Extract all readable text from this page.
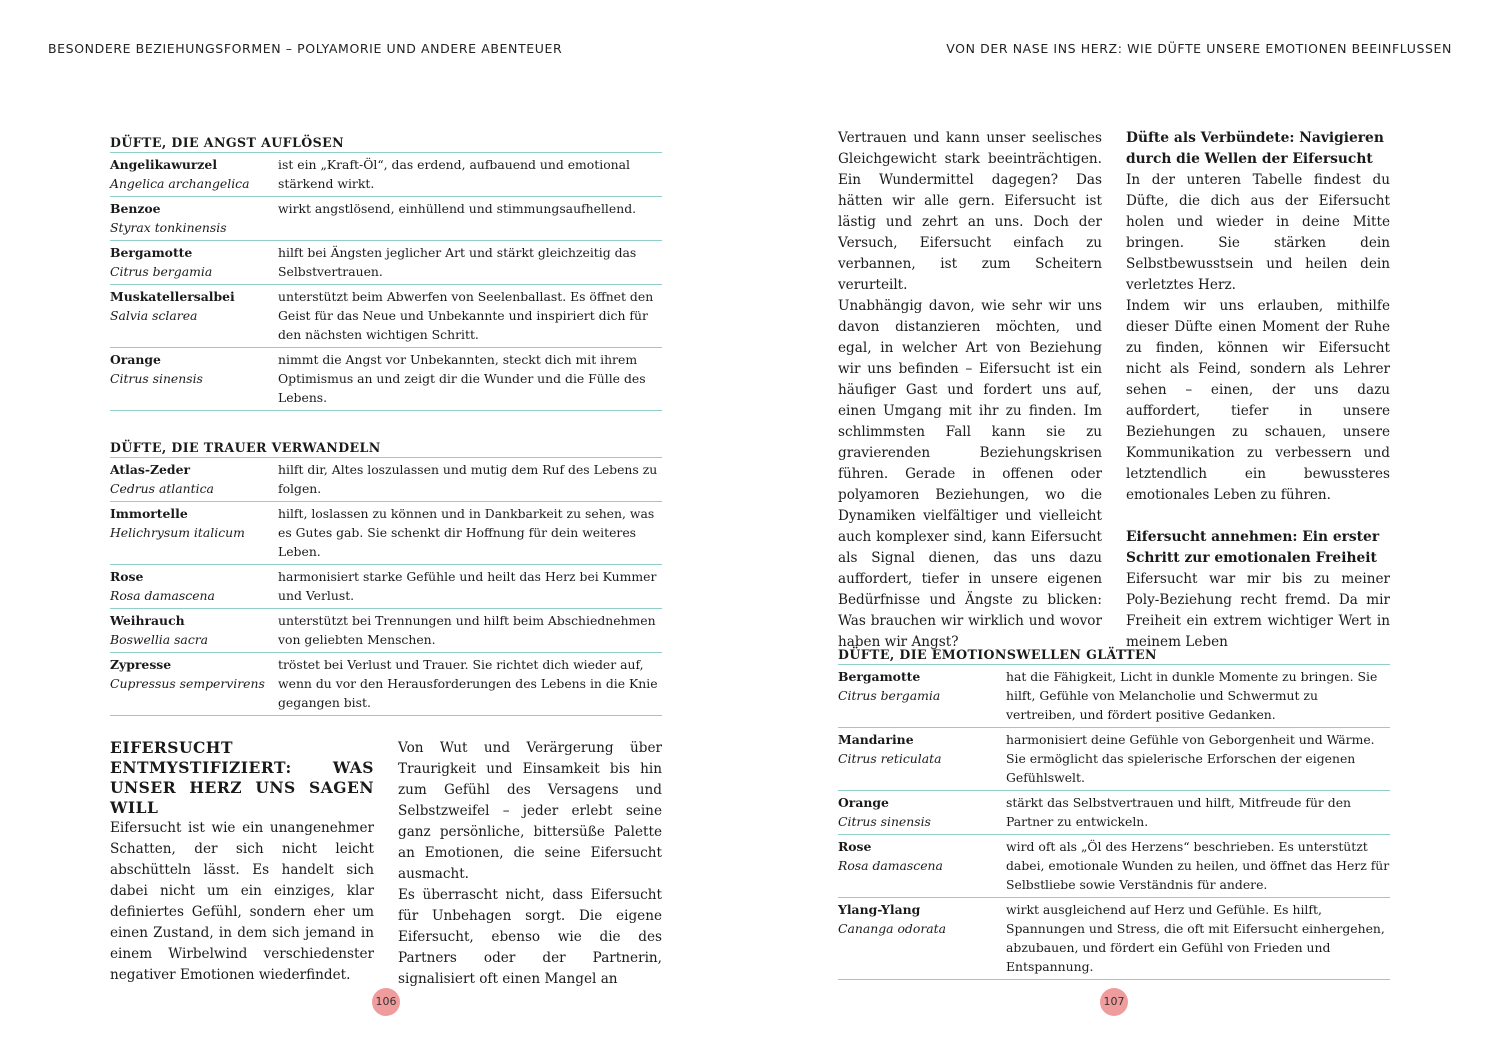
BESONDERE BEZIEHUNGSFORMEN – POLYAMORIE UND ANDERE ABENTEUER	VON DER NASE INS HERZ: WIE DÜFTE UNSERE EMOTIONEN BEEINFLUSSEN
DÜFTE, DIE ANGST AUFLÖSEN
Angelikawurzel
Angelica archangelica
ist ein „Kraft-Öl“, das erdend, aufbauend und emotional stärkend wirkt.
Benzoe
Styrax tonkinensis
wirkt angstlösend, einhüllend und stimmungsaufhellend.
Bergamotte
Citrus bergamia
hilft bei Ängsten jeglicher Art und stärkt gleichzeitig das Selbstvertrauen.
Muskatellersalbei
Salvia sclarea
unterstützt beim Abwerfen von Seelenballast. Es öffnet den Geist für das Neue und Unbekannte und inspiriert dich für den nächsten wichtigen Schritt.
Orange
Citrus sinensis
nimmt die Angst vor Unbekannten, steckt dich mit ihrem Optimismus an und zeigt dir die Wunder und die Fülle des Lebens.
DÜFTE, DIE TRAUER VERWANDELN
Atlas-Zeder
Cedrus atlantica
hilft dir, Altes loszulassen und mutig dem Ruf des Lebens zu folgen.
Immortelle
Helichrysum italicum
hilft, loslassen zu können und in Dankbarkeit zu sehen, was es Gutes gab. Sie schenkt dir Hoffnung für dein weiteres Leben.
Rose
Rosa damascena
harmonisiert starke Gefühle und heilt das Herz bei Kummer und Verlust.
Weihrauch
Boswellia sacra
unterstützt bei Trennungen und hilft beim Abschiednehmen von geliebten Menschen.
Zypresse
Cupressus sempervirens
tröstet bei Verlust und Trauer. Sie richtet dich wieder auf, wenn du vor den Herausforderungen des Lebens in die Knie gegangen bist.
EIFERSUCHT ENTMYSTIFIZIERT: WAS UNSER HERZ UNS SAGEN WILL

Eifersucht ist wie ein unangenehmer Schatten, der sich nicht leicht abschütteln lässt. Es handelt sich dabei nicht um ein einziges, klar definiertes Gefühl, sondern eher um einen Zustand, in dem sich jemand in einem Wirbelwind verschiedenster negativer Emotionen wiederfindet.

Von Wut und Verärgerung über Traurigkeit und Einsamkeit bis hin zum Gefühl des Versagens und Selbstzweifel – jeder erlebt seine ganz persönliche, bittersüße Palette an Emotionen, die seine Eifersucht ausmacht.

Es überrascht nicht, dass Eifersucht für Unbehagen sorgt. Die eigene Eifersucht, ebenso wie die des Partners oder der Partnerin, signalisiert oft einen Mangel an

Vertrauen und kann unser seelisches Gleichgewicht stark beeinträchtigen. Ein Wundermittel dagegen? Das hätten wir alle gern. Eifersucht ist lästig und zehrt an uns. Doch der Versuch, Eifersucht einfach zu verbannen, ist zum Scheitern verurteilt.

Unabhängig davon, wie sehr wir uns davon distanzieren möchten, und egal, in welcher Art von Beziehung wir uns befinden – Eifersucht ist ein häufiger Gast und fordert uns auf, einen Umgang mit ihr zu finden. Im schlimmsten Fall kann sie zu gravierenden Beziehungskrisen führen. Gerade in offenen oder polyamoren Beziehungen, wo die Dynamiken vielfältiger und vielleicht auch komplexer sind, kann Eifersucht als Signal dienen, das uns dazu auffordert, tiefer in unsere eigenen Bedürfnisse und Ängste zu blicken: Was brauchen wir wirklich und wovor haben wir Angst?

Düfte als Verbündete: Navigieren durch die Wellen der Eifersucht

In der unteren Tabelle findest du Düfte, die dich aus der Eifersucht holen und wieder in deine Mitte bringen. Sie stärken dein Selbstbewusstsein und heilen dein verletztes Herz.

Indem wir uns erlauben, mithilfe dieser Düfte einen Moment der Ruhe zu finden, können wir Eifersucht nicht als Feind, sondern als Lehrer sehen – einen, der uns dazu auffordert, tiefer in unsere Beziehungen zu schauen, unsere Kommunikation zu verbessern und letztendlich ein bewussteres emotionales Leben zu führen.

Eifersucht annehmen: Ein erster Schritt zur emotionalen Freiheit

Eifersucht war mir bis zu meiner Poly-Beziehung recht fremd. Da mir Freiheit ein extrem wichtiger Wert in meinem Leben

DÜFTE, DIE EMOTIONSWELLEN GLÄTTEN
Bergamotte
Citrus bergamia
hat die Fähigkeit, Licht in dunkle Momente zu bringen. Sie hilft, Gefühle von Melancholie und Schwermut zu vertreiben, und fördert positive Gedanken.
Mandarine
Citrus reticulata
harmonisiert deine Gefühle von Geborgenheit und Wärme. Sie ermöglicht das spielerische Erforschen der eigenen Gefühlswelt.
Orange
Citrus sinensis
stärkt das Selbstvertrauen und hilft, Mitfreude für den Partner zu entwickeln.
Rose
Rosa damascena
wird oft als „Öl des Herzens“ beschrieben. Es unterstützt dabei, emotionale Wunden zu heilen, und öffnet das Herz für Selbstliebe sowie Verständnis für andere.
Ylang-Ylang
Cananga odorata
wirkt ausgleichend auf Herz und Gefühle. Es hilft, Spannungen und Stress, die oft mit Eifersucht einhergehen, abzubauen, und fördert ein Gefühl von Frieden und Entspannung.
106	107
